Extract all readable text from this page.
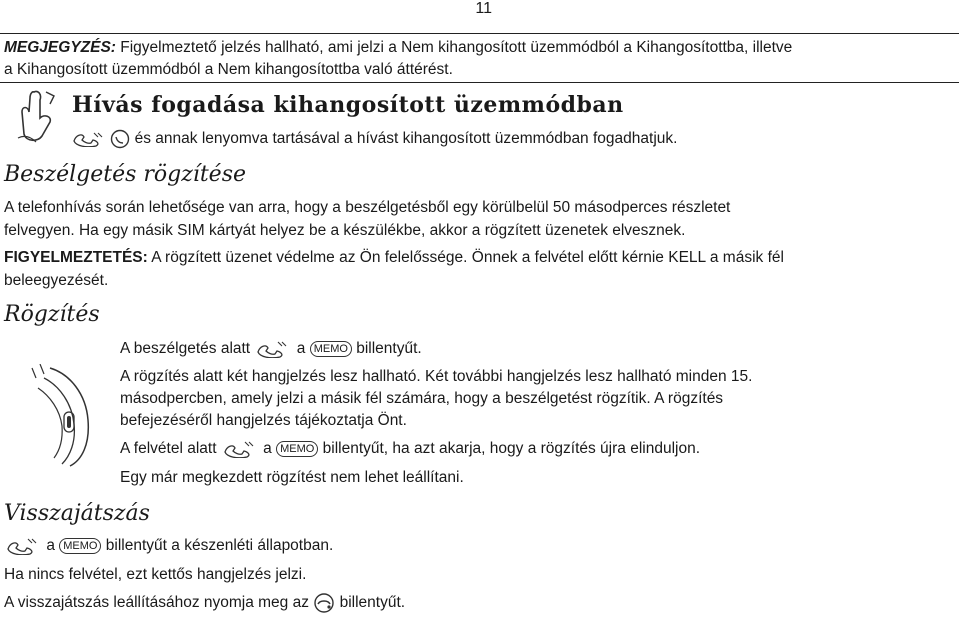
11
MEGJEGYZÉS: Figyelmeztető jelzés hallható, ami jelzi a Nem kihangosított üzemmódból a Kihangosítottba, illetve
a Kihangosított üzemmódból a Nem kihangosítottba való áttérést.
Hívás fogadása kihangosított üzemmódban
és annak lenyomva tartásával a hívást kihangosított üzemmódban fogadhatjuk.
Beszélgetés rögzítése
A telefonhívás során lehetősége van arra, hogy a beszélgetésből egy körülbelül 50 másodperces részletet
felvegyen. Ha egy másik SIM kártyát helyez be a készülékbe, akkor a rögzített üzenetek elvesznek.
FIGYELMEZTETÉS: A rögzített üzenet védelme az Ön felelőssége. Önnek a felvétel előtt kérnie KELL a másik fél
beleegyezését.
Rögzítés
A beszélgetés alatt	a MEMO billentyűt.
A rögzítés alatt két hangjelzés lesz hallható. Két további hangjelzés lesz hallható minden 15.
másodpercben, amely jelzi a másik fél számára, hogy a beszélgetést rögzítik. A rögzítés
befejezéséről hangjelzés tájékoztatja Önt.
A felvétel alatt	a MEMO billentyűt, ha azt akarja, hogy a rögzítés újra elinduljon.
Egy már megkezdett rögzítést nem lehet leállítani.
Visszajátszás
a MEMO billentyűt a készenléti állapotban.
Ha nincs felvétel, ezt kettős hangjelzés jelzi.
A visszajátszás leállításához nyomja meg az billentyűt.
